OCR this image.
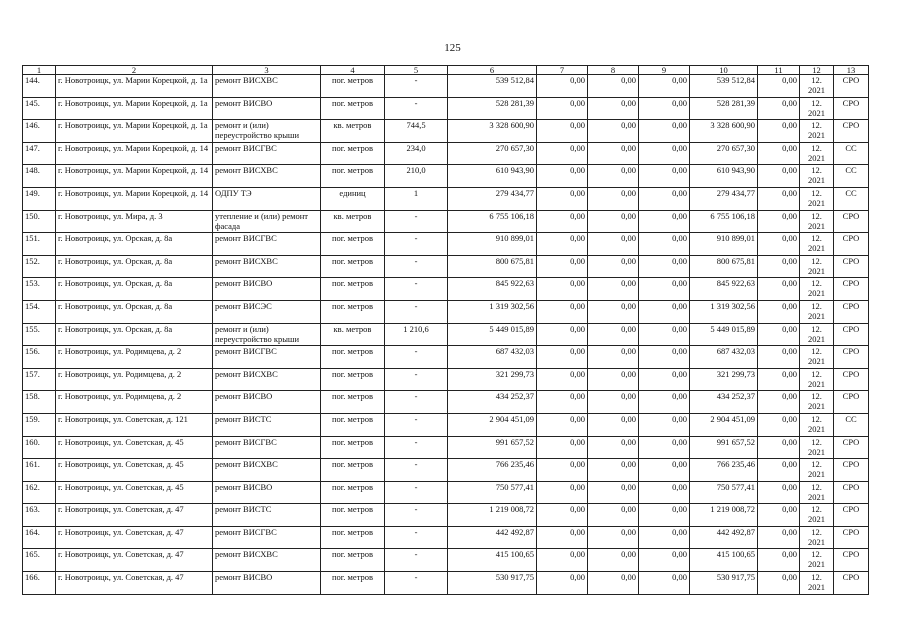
125
1	2	3	4	5	6	7	8	9	10	11	12	13
144.	г. Новотроицк, ул. Марии Корецкой, д. 1а	ремонт ВИСХВС	пог. метров	-	539 512,84	0,00	0,00	0,00	539 512,84	0,00	12. 2021	СРО
145.	г. Новотроицк, ул. Марии Корецкой, д. 1а	ремонт ВИСВО	пог. метров	-	528 281,39	0,00	0,00	0,00	528 281,39	0,00	12. 2021	СРО
146.	г. Новотроицк, ул. Марии Корецкой, д. 1а	ремонт и (или) переустройство крыши	кв. метров	744,5	3 328 600,90	0,00	0,00	0,00	3 328 600,90	0,00	12. 2021	СРО
147.	г. Новотроицк, ул. Марии Корецкой, д. 14	ремонт ВИСГВС	пог. метров	234,0	270 657,30	0,00	0,00	0,00	270 657,30	0,00	12. 2021	СС
148.	г. Новотроицк, ул. Марии Корецкой, д. 14	ремонт ВИСХВС	пог. метров	210,0	610 943,90	0,00	0,00	0,00	610 943,90	0,00	12. 2021	СС
149.	г. Новотроицк, ул. Марии Корецкой, д. 14	ОДПУ ТЭ	единиц	1	279 434,77	0,00	0,00	0,00	279 434,77	0,00	12. 2021	СС
150.	г. Новотроицк, ул. Мира, д. 3	утепление и (или) ремонт фасада	кв. метров	-	6 755 106,18	0,00	0,00	0,00	6 755 106,18	0,00	12. 2021	СРО
151.	г. Новотроицк, ул. Орская, д. 8а	ремонт ВИСГВС	пог. метров	-	910 899,01	0,00	0,00	0,00	910 899,01	0,00	12. 2021	СРО
152.	г. Новотроицк, ул. Орская, д. 8а	ремонт ВИСХВС	пог. метров	-	800 675,81	0,00	0,00	0,00	800 675,81	0,00	12. 2021	СРО
153.	г. Новотроицк, ул. Орская, д. 8а	ремонт ВИСВО	пог. метров	-	845 922,63	0,00	0,00	0,00	845 922,63	0,00	12. 2021	СРО
154.	г. Новотроицк, ул. Орская, д. 8а	ремонт ВИСЭС	пог. метров	-	1 319 302,56	0,00	0,00	0,00	1 319 302,56	0,00	12. 2021	СРО
155.	г. Новотроицк, ул. Орская, д. 8а	ремонт и (или) переустройство крыши	кв. метров	1 210,6	5 449 015,89	0,00	0,00	0,00	5 449 015,89	0,00	12. 2021	СРО
156.	г. Новотроицк, ул. Родимцева, д. 2	ремонт ВИСГВС	пог. метров	-	687 432,03	0,00	0,00	0,00	687 432,03	0,00	12. 2021	СРО
157.	г. Новотроицк, ул. Родимцева, д. 2	ремонт ВИСХВС	пог. метров	-	321 299,73	0,00	0,00	0,00	321 299,73	0,00	12. 2021	СРО
158.	г. Новотроицк, ул. Родимцева, д. 2	ремонт ВИСВО	пог. метров	-	434 252,37	0,00	0,00	0,00	434 252,37	0,00	12. 2021	СРО
159.	г. Новотроицк, ул. Советская, д. 121	ремонт ВИСТС	пог. метров	-	2 904 451,09	0,00	0,00	0,00	2 904 451,09	0,00	12. 2021	СС
160.	г. Новотроицк, ул. Советская, д. 45	ремонт ВИСГВС	пог. метров	-	991 657,52	0,00	0,00	0,00	991 657,52	0,00	12. 2021	СРО
161.	г. Новотроицк, ул. Советская, д. 45	ремонт ВИСХВС	пог. метров	-	766 235,46	0,00	0,00	0,00	766 235,46	0,00	12. 2021	СРО
162.	г. Новотроицк, ул. Советская, д. 45	ремонт ВИСВО	пог. метров	-	750 577,41	0,00	0,00	0,00	750 577,41	0,00	12. 2021	СРО
163.	г. Новотроицк, ул. Советская, д. 47	ремонт ВИСТС	пог. метров	-	1 219 008,72	0,00	0,00	0,00	1 219 008,72	0,00	12. 2021	СРО
164.	г. Новотроицк, ул. Советская, д. 47	ремонт ВИСГВС	пог. метров	-	442 492,87	0,00	0,00	0,00	442 492,87	0,00	12. 2021	СРО
165.	г. Новотроицк, ул. Советская, д. 47	ремонт ВИСХВС	пог. метров	-	415 100,65	0,00	0,00	0,00	415 100,65	0,00	12. 2021	СРО
166.	г. Новотроицк, ул. Советская, д. 47	ремонт ВИСВО	пог. метров	-	530 917,75	0,00	0,00	0,00	530 917,75	0,00	12. 2021	СРО
